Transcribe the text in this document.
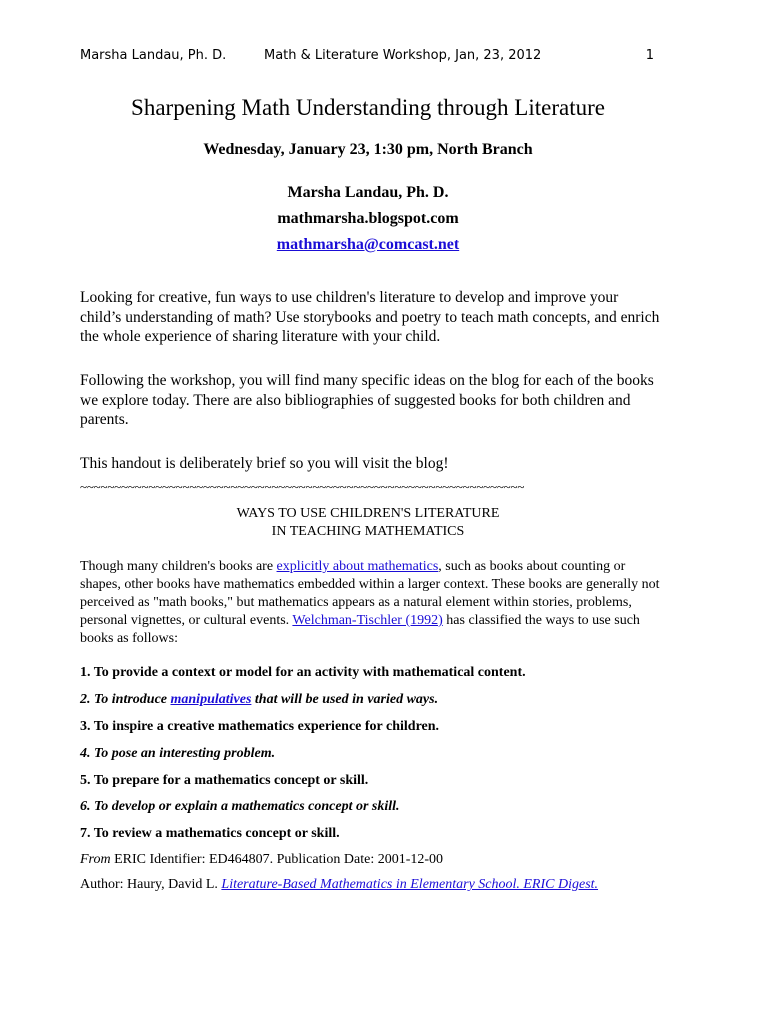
Marsha Landau, Ph. D.	Math & Literature Workshop, Jan, 23, 2012	1
Sharpening Math Understanding through Literature
Wednesday, January 23, 1:30 pm, North Branch
Marsha Landau, Ph. D.
mathmarsha.blogspot.com
mathmarsha@comcast.net
Looking for creative, fun ways to use children's literature to develop and improve your child’s understanding of math? Use storybooks and poetry to teach math concepts, and enrich the whole experience of sharing literature with your child.
Following the workshop, you will find many specific ideas on the blog for each of the books we explore today. There are also bibliographies of suggested books for both children and parents.
This handout is deliberately brief so you will visit the blog!
~~~~~~~~~~~~~~~~~~~~~~~~~~~~~~~~~~~~~~~~~~~~~~~~~~~~~~~~~~~~~~~~~
WAYS TO USE CHILDREN'S LITERATURE
IN TEACHING MATHEMATICS
Though many children's books are explicitly about mathematics, such as books about counting or shapes, other books have mathematics embedded within a larger context. These books are generally not perceived as "math books," but mathematics appears as a natural element within stories, problems, personal vignettes, or cultural events. Welchman-Tischler (1992) has classified the ways to use such books as follows:
1. To provide a context or model for an activity with mathematical content.
2. To introduce manipulatives that will be used in varied ways.
3. To inspire a creative mathematics experience for children.
4. To pose an interesting problem.
5. To prepare for a mathematics concept or skill.
6. To develop or explain a mathematics concept or skill.
7. To review a mathematics concept or skill.
From ERIC Identifier: ED464807. Publication Date: 2001-12-00
Author: Haury, David L. Literature-Based Mathematics in Elementary School. ERIC Digest.
